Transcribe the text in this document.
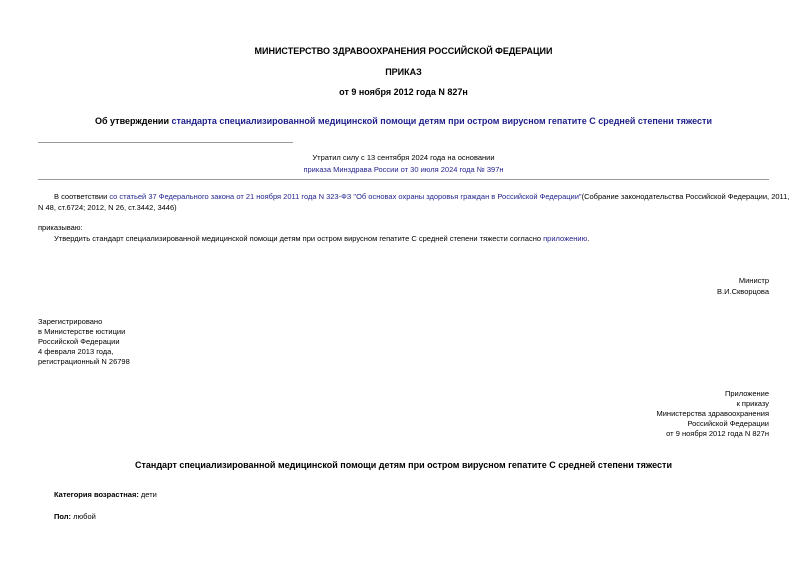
МИНИСТЕРСТВО ЗДРАВООХРАНЕНИЯ РОССИЙСКОЙ ФЕДЕРАЦИИ
ПРИКАЗ
от 9 ноября 2012 года N 827н
Об утверждении стандарта специализированной медицинской помощи детям при остром вирусном гепатите С средней степени тяжести
Утратил силу с 13 сентября 2024 года на основании
приказа Минздрава России от 30 июля 2024 года № 397н
В соответствии со статьей 37 Федерального закона от 21 ноября 2011 года N 323-ФЗ "Об основах охраны здоровья граждан в Российской Федерации"(Собрание законодательства Российской Федерации, 2011,
N 48, ст.6724; 2012, N 26, ст.3442, 3446)
приказываю:
Утвердить стандарт специализированной медицинской помощи детям при остром вирусном гепатите С средней степени тяжести согласно приложению.
Министр
В.И.Скворцова
Зарегистрировано
в Министерстве юстиции
Российской Федерации
4 февраля 2013 года,
регистрационный N 26798
Приложение
к приказу
Министерства здравоохранения
Российской Федерации
от 9 ноября 2012 года N 827н
Стандарт специализированной медицинской помощи детям при остром вирусном гепатите С средней степени тяжести
Категория возрастная: дети
Пол: любой
